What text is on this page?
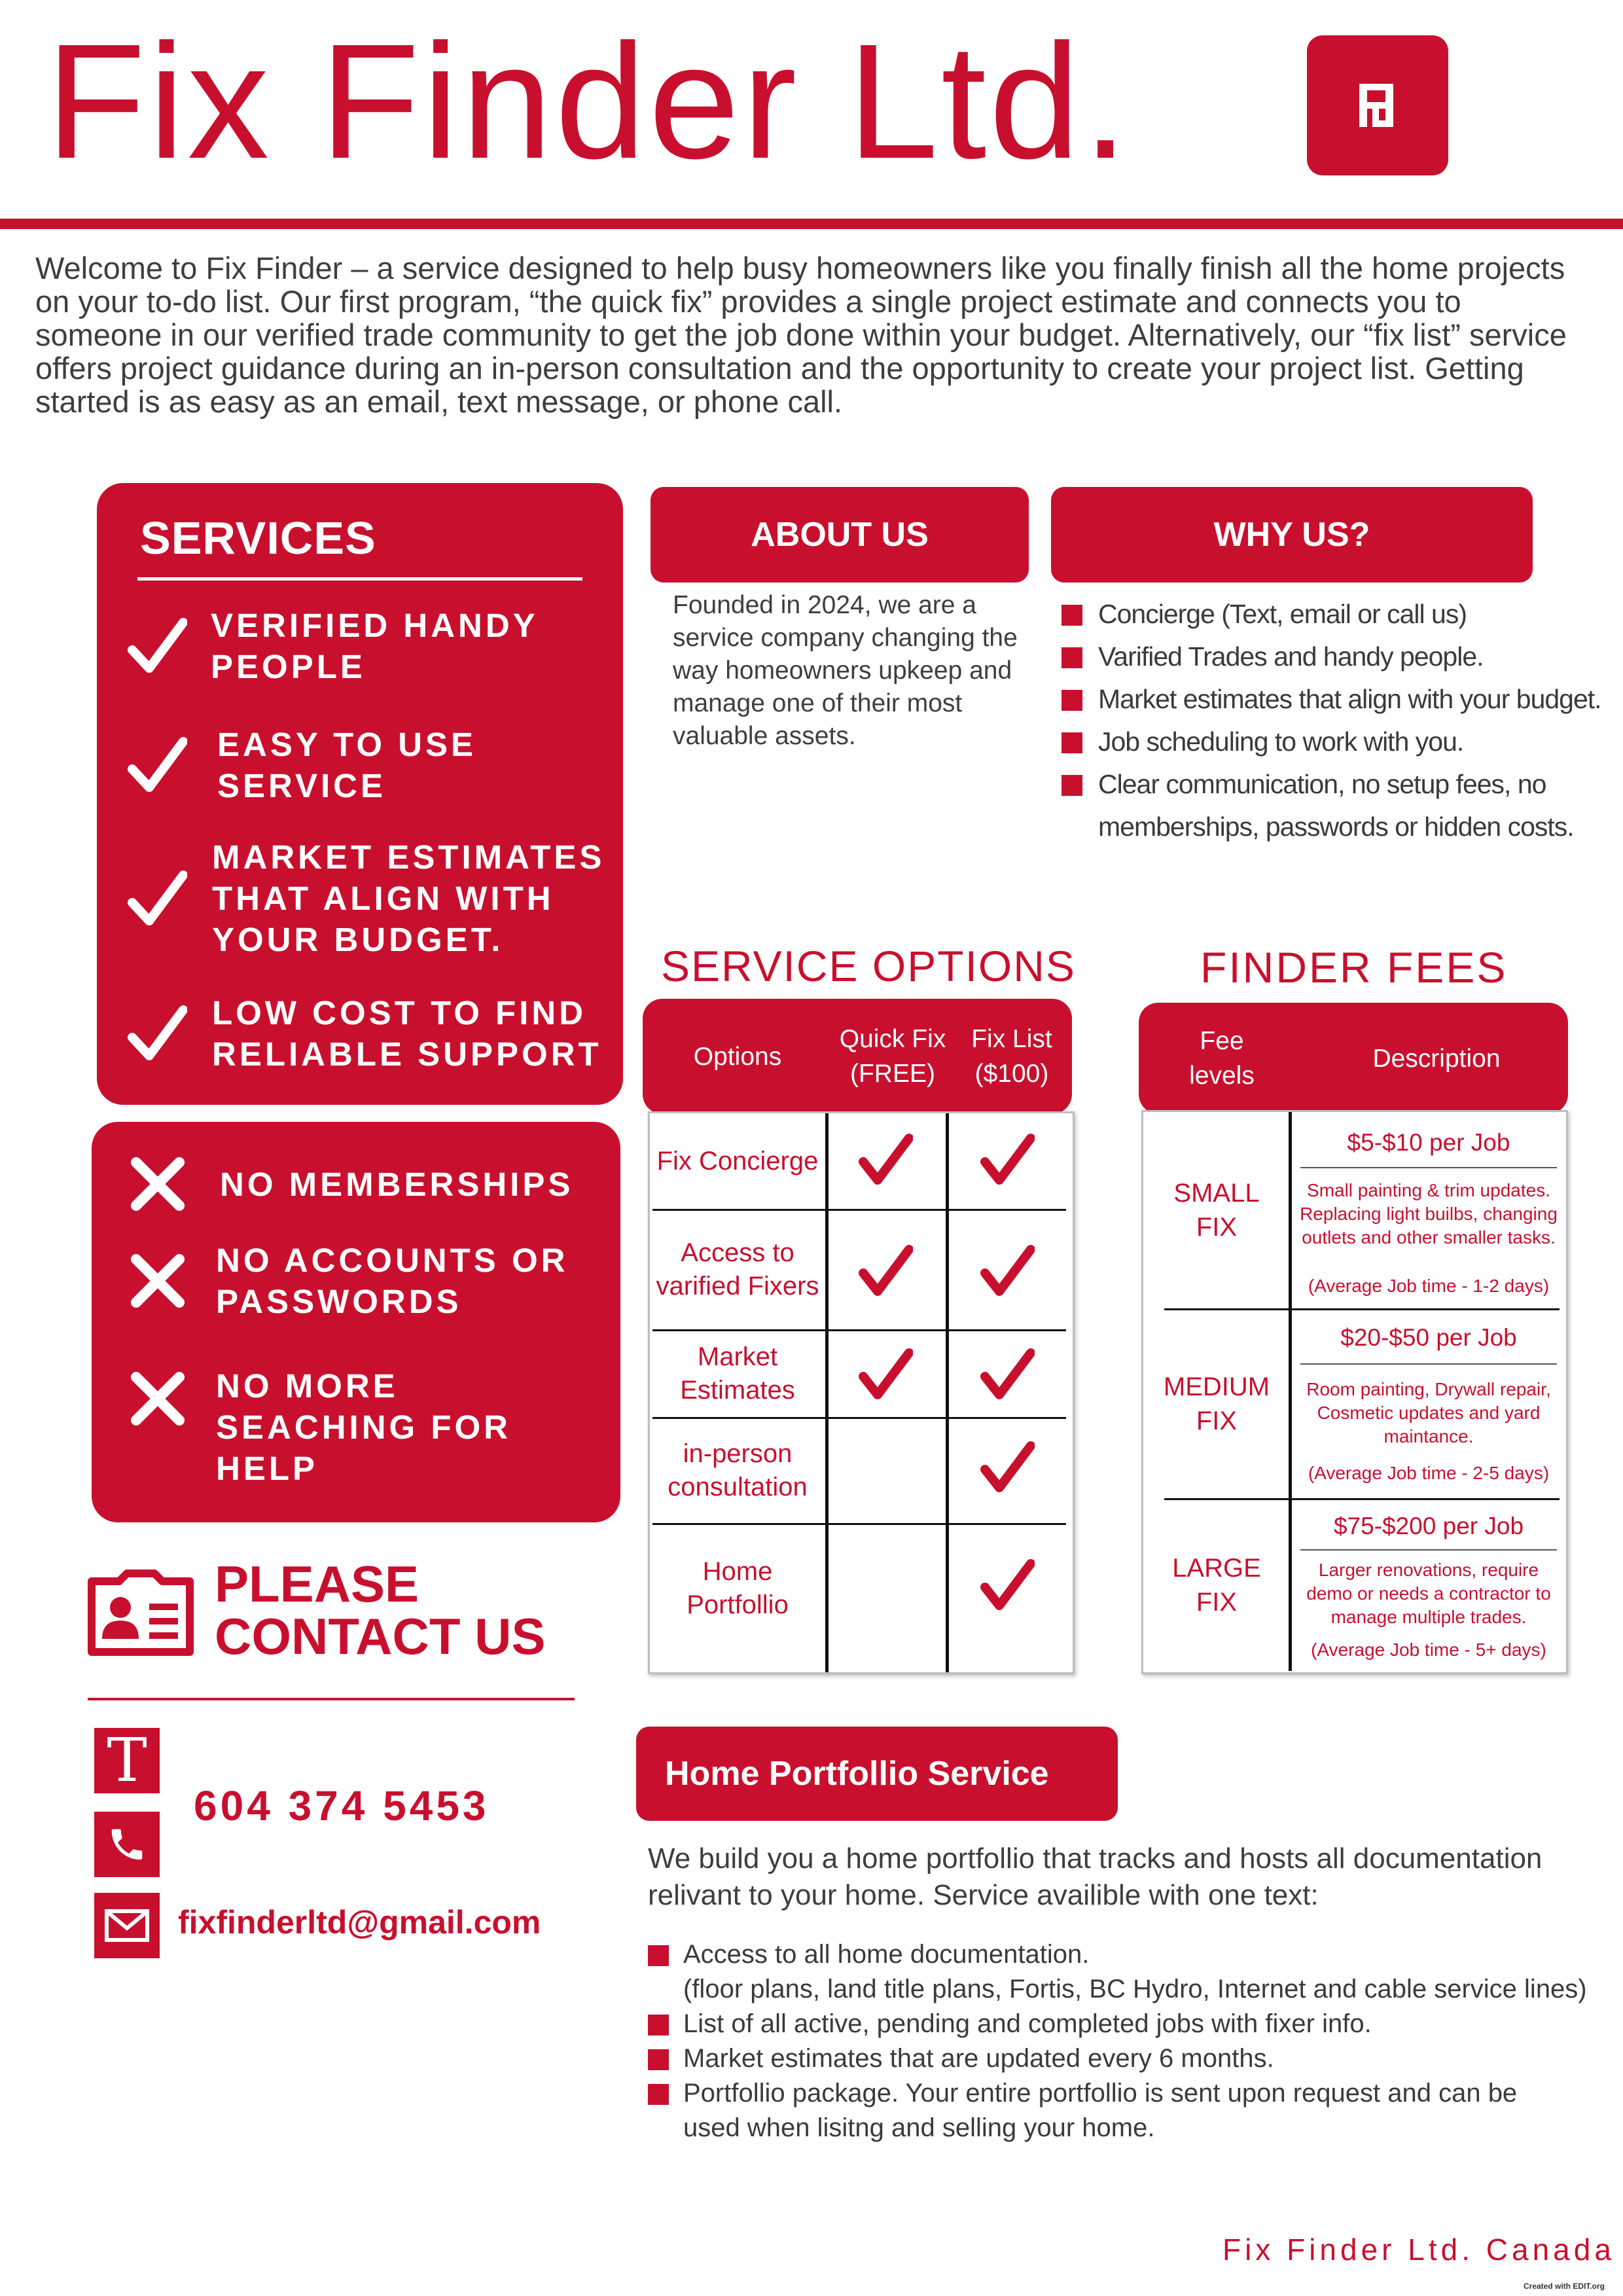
Fix Finder Ltd.
Welcome to Fix Finder – a service designed to help busy homeowners like you finally finish all the home projects on your to-do list. Our first program, “the quick fix” provides a single project estimate and connects you to someone in our verified trade community to get the job done within your budget. Alternatively, our “fix list” service offers project guidance during an in-person consultation and the opportunity to create your project list. Getting started is as easy as an email, text message, or phone call.
SERVICES
VERIFIED HANDY
PEOPLE
EASY TO USE
SERVICE
MARKET ESTIMATES
THAT ALIGN WITH
YOUR BUDGET.
LOW COST TO FIND
RELIABLE SUPPORT
NO MEMBERSHIPS
NO ACCOUNTS OR
PASSWORDS
NO MORE
SEACHING FOR
HELP
PLEASE
CONTACT US
T
604 374 5453
fixfinderltd@gmail.com
ABOUT US	WHY US?
Founded in 2024, we are a service company changing the way homeowners upkeep and manage one of their most valuable assets.
Concierge (Text, email or call us)
Varified Trades and handy people.
Market estimates that align with your budget.
Job scheduling to work with you.
Clear communication, no setup fees, no memberships, passwords or hidden costs.
SERVICE OPTIONS
Options
Quick Fix
(FREE)
Fix List
($100)
Fix Concierge
Access to varified Fixers
Market Estimates
in-person consultation
Home Portfollio
FINDER FEES
Fee
levels
Description
SMALL
FIX
$5-$10 per Job
Small painting & trim updates. Replacing light builbs, changing outlets and other smaller tasks.
(Average Job time - 1-2 days)
MEDIUM
FIX
$20-$50 per Job
Room painting, Drywall repair, Cosmetic updates and yard maintance.
(Average Job time - 2-5 days)
LARGE
FIX
$75-$200 per Job
Larger renovations, require demo or needs a contractor to manage multiple trades.
(Average Job time - 5+ days)
Home Portfollio Service
We build you a home portfollio that tracks and hosts all documentation relivant to your home. Service availible with one text:
Access to all home documentation.
(floor plans, land title plans, Fortis, BC Hydro, Internet and cable service lines)
List of all active, pending and completed jobs with fixer info.
Market estimates that are updated every 6 months.
Portfollio package. Your entire portfollio is sent upon request and can be used when lisitng and selling your home.
Fix Finder Ltd. Canada
Created with EDIT.org
